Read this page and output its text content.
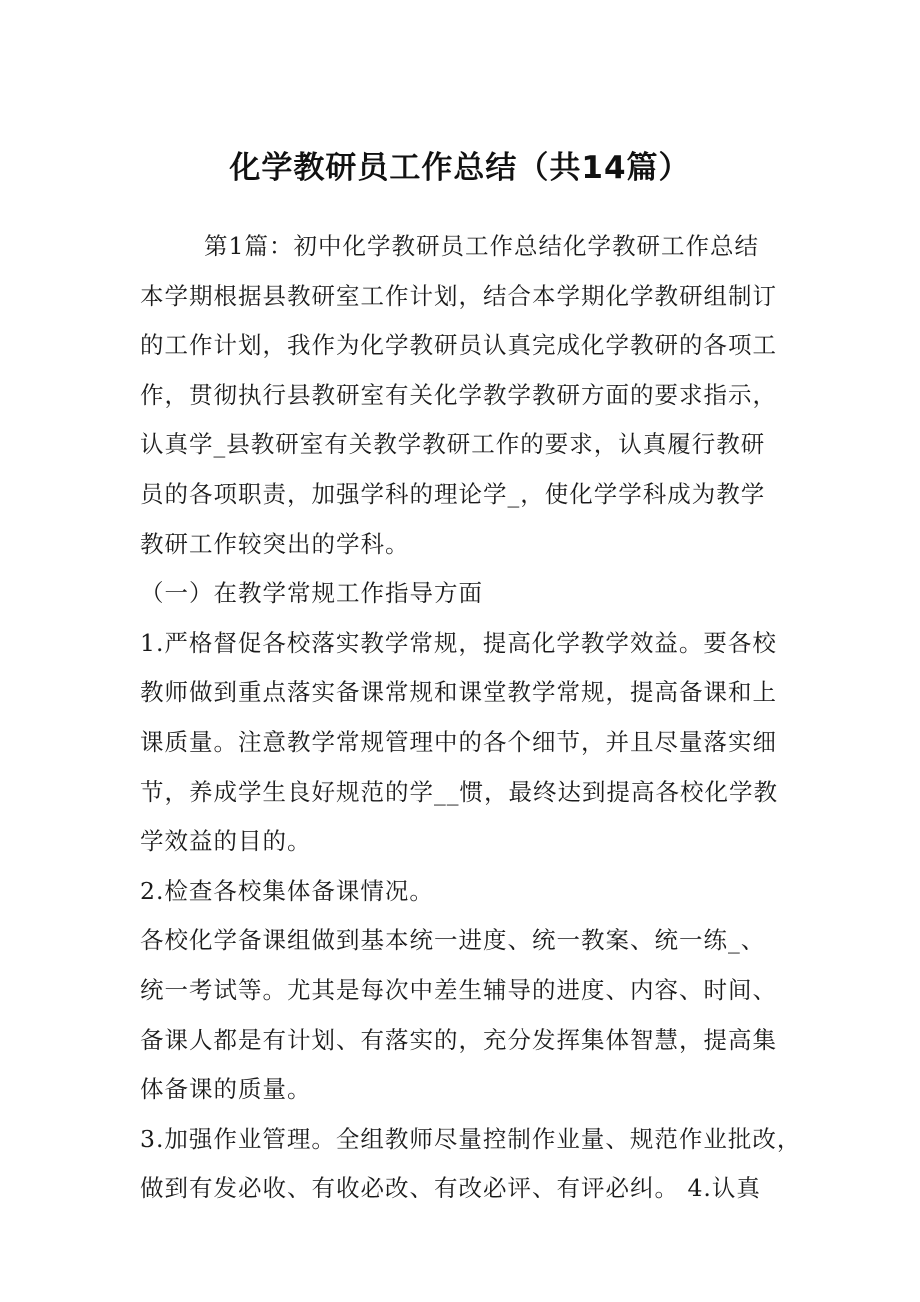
化学教研员工作总结（共14篇）
第1篇：初中化学教研员工作总结化学教研工作总结
本学期根据县教研室工作计划，结合本学期化学教研组制订
的工作计划，我作为化学教研员认真完成化学教研的各项工
作，贯彻执行县教研室有关化学教学教研方面的要求指示，
认真学_县教研室有关教学教研工作的要求，认真履行教研
员的各项职责，加强学科的理论学_，使化学学科成为教学
教研工作较突出的学科。
（一）在教学常规工作指导方面
1.严格督促各校落实教学常规，提高化学教学效益。要各校
教师做到重点落实备课常规和课堂教学常规，提高备课和上
课质量。注意教学常规管理中的各个细节，并且尽量落实细
节，养成学生良好规范的学__惯，最终达到提高各校化学教
学效益的目的。
2.检查各校集体备课情况。
各校化学备课组做到基本统一进度、统一教案、统一练_、
统一考试等。尤其是每次中差生辅导的进度、内容、时间、
备课人都是有计划、有落实的，充分发挥集体智慧，提高集
体备课的质量。
3.加强作业管理。全组教师尽量控制作业量、规范作业批改，
做到有发必收、有收必改、有改必评、有评必纠。 4.认真
